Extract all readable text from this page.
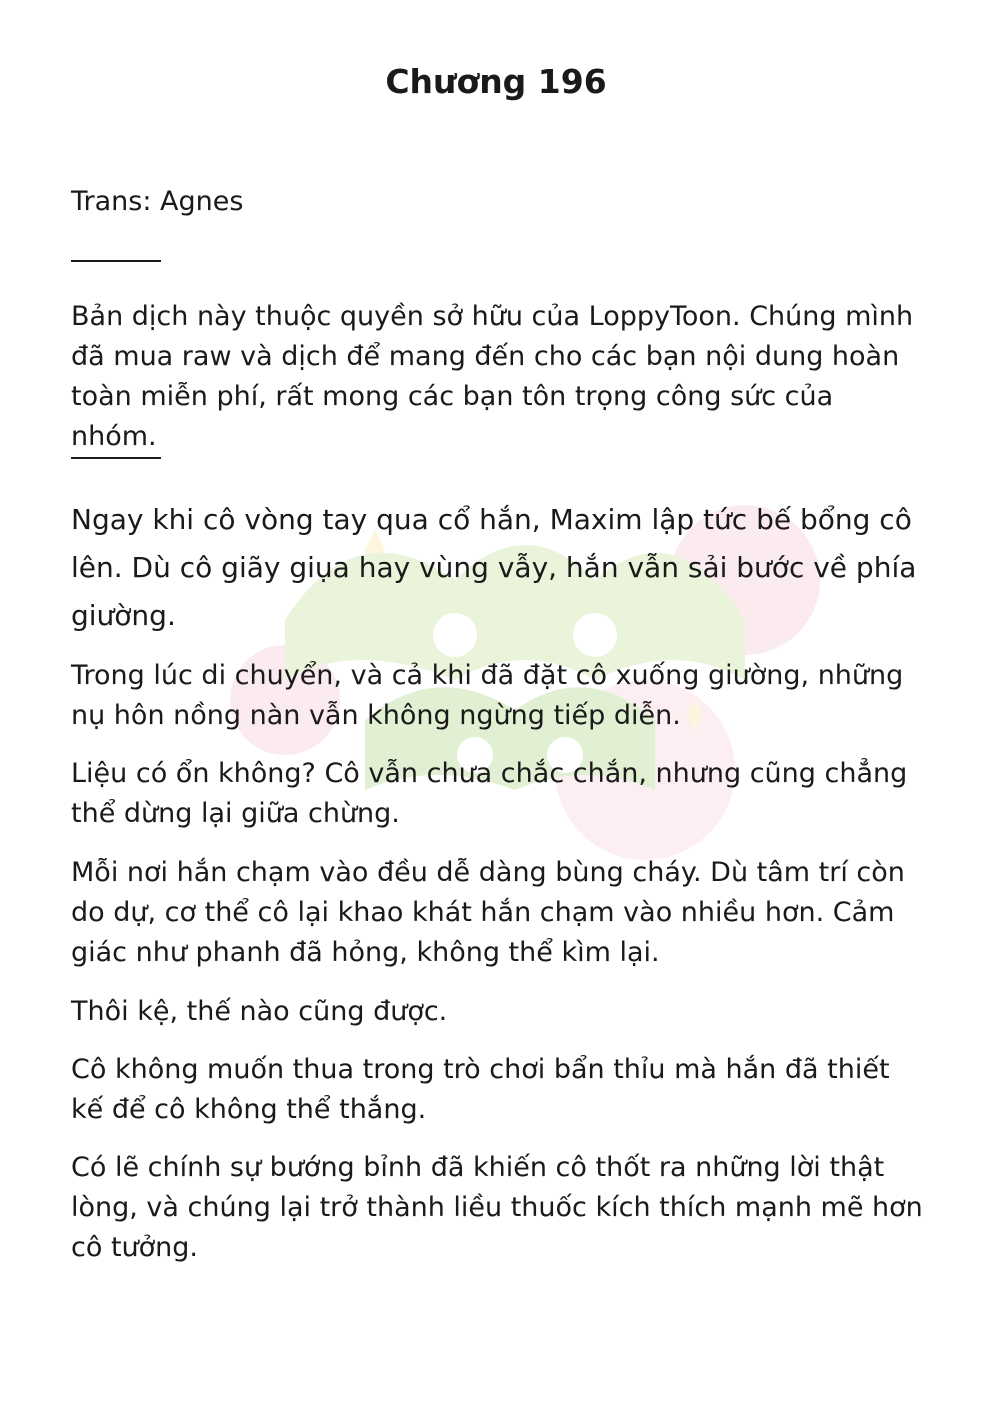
Chương 196

Trans: Agnes

Bản dịch này thuộc quyền sở hữu của LoppyToon. Chúng mình đã mua raw và dịch để mang đến cho các bạn nội dung hoàn toàn miễn phí, rất mong các bạn tôn trọng công sức của nhóm.

Ngay khi cô vòng tay qua cổ hắn, Maxim lập tức bế bổng cô lên. Dù cô giãy giụa hay vùng vẫy, hắn vẫn sải bước về phía giường.

Trong lúc di chuyển, và cả khi đã đặt cô xuống giường, những nụ hôn nồng nàn vẫn không ngừng tiếp diễn.

Liệu có ổn không? Cô vẫn chưa chắc chắn, nhưng cũng chẳng thể dừng lại giữa chừng.

Mỗi nơi hắn chạm vào đều dễ dàng bùng cháy. Dù tâm trí còn do dự, cơ thể cô lại khao khát hắn chạm vào nhiều hơn. Cảm giác như phanh đã hỏng, không thể kìm lại.

Thôi kệ, thế nào cũng được.

Cô không muốn thua trong trò chơi bẩn thỉu mà hắn đã thiết kế để cô không thể thắng.

Có lẽ chính sự bướng bỉnh đã khiến cô thốt ra những lời thật lòng, và chúng lại trở thành liều thuốc kích thích mạnh mẽ hơn cô tưởng.
